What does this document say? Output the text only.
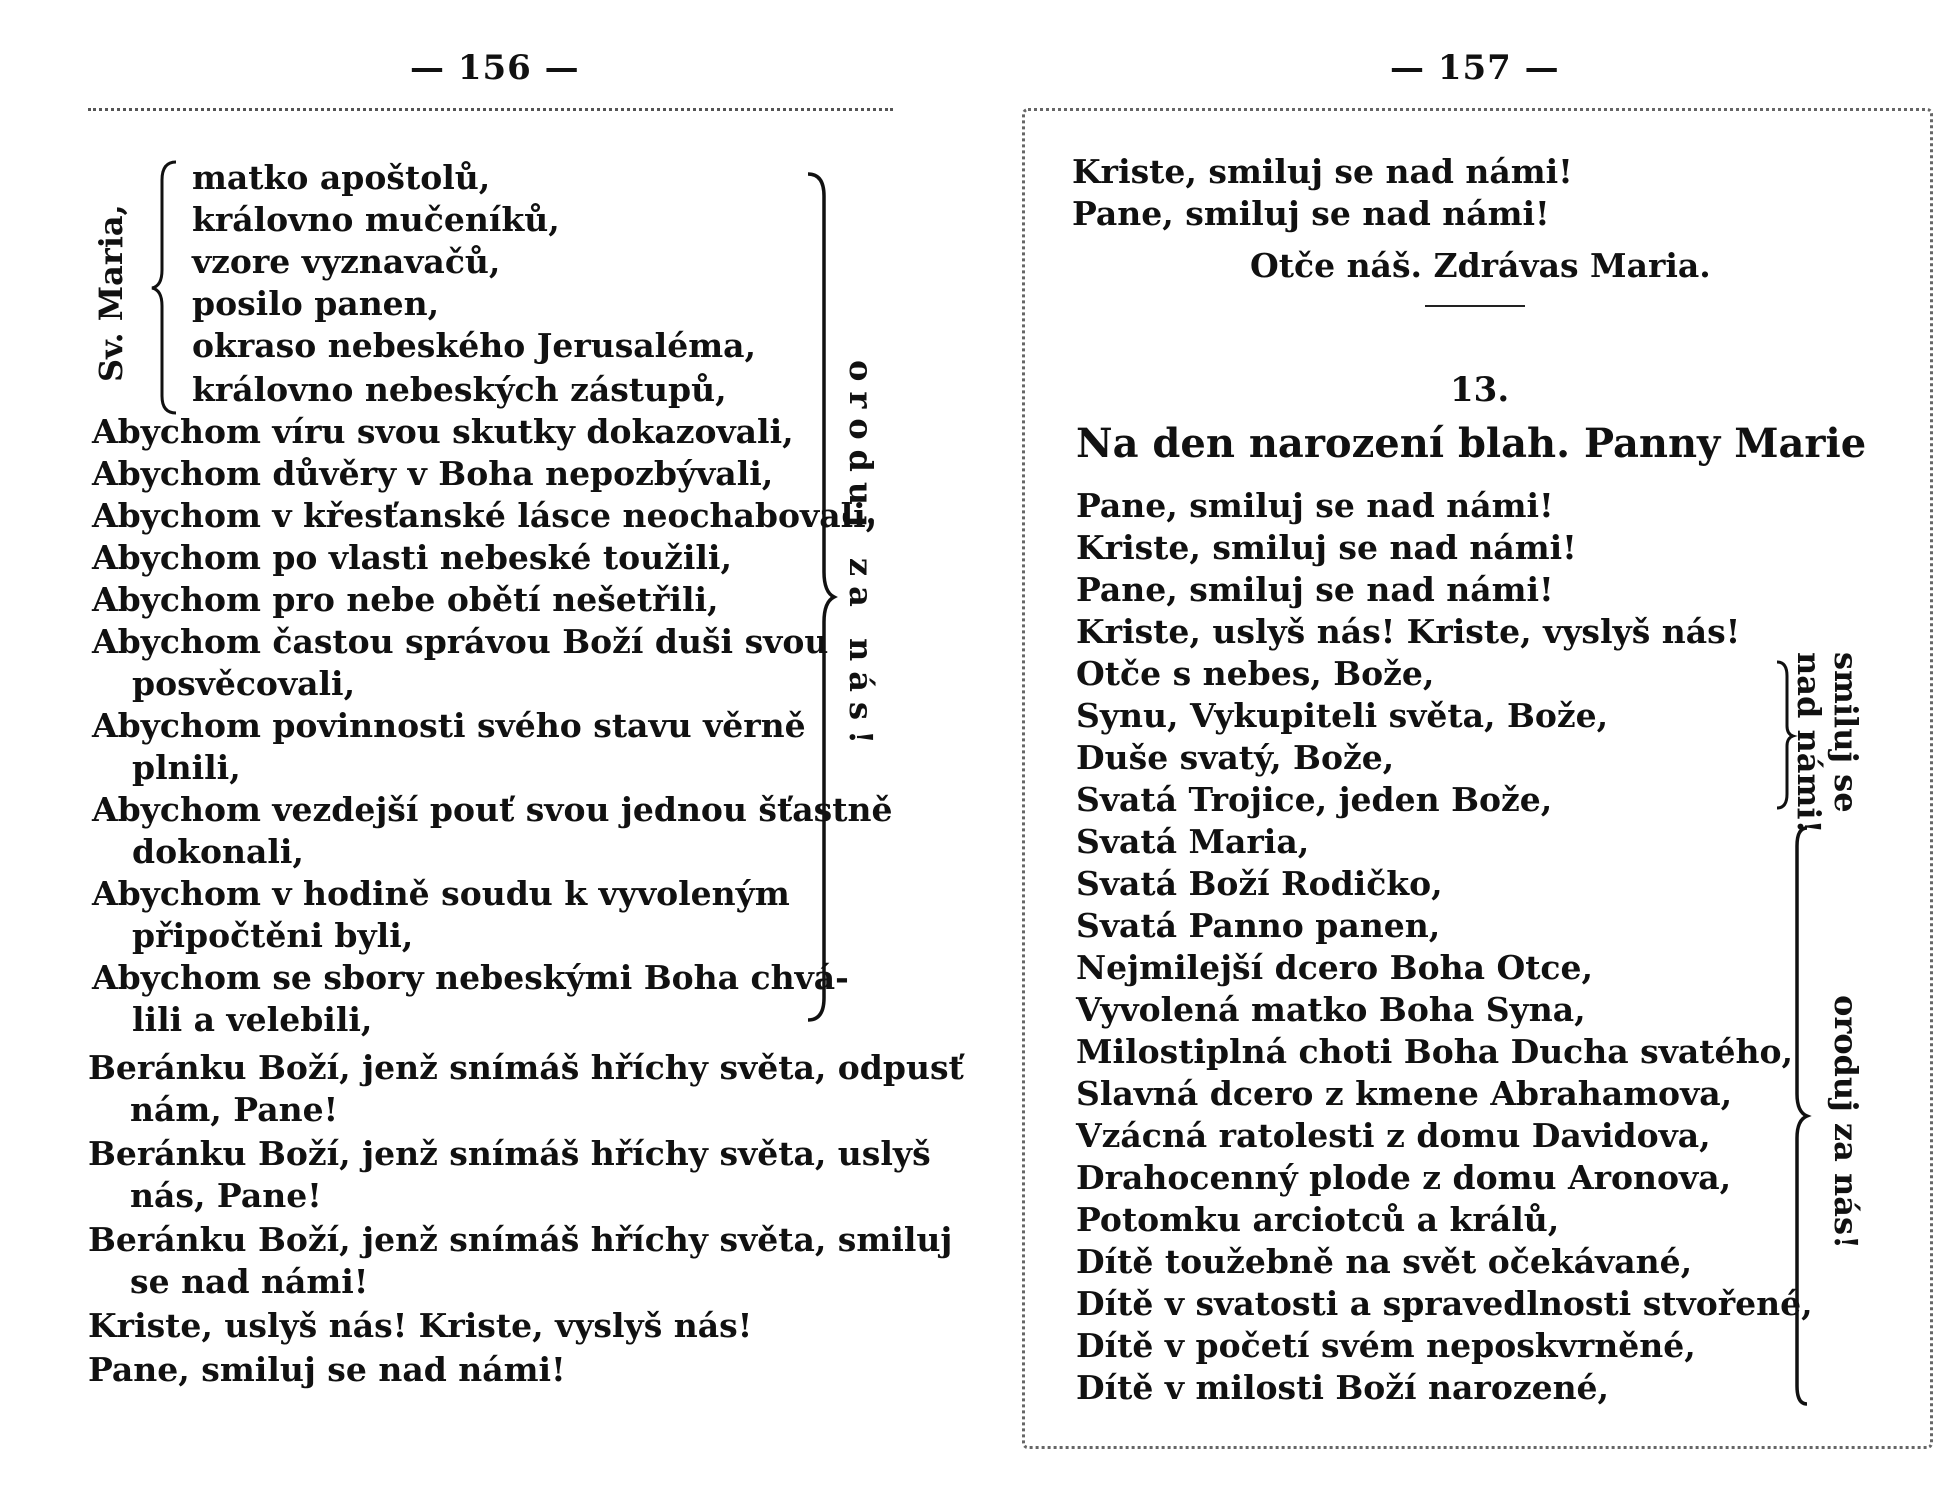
— 156 —
Sv. Maria,
matko apoštolů,
královno mučeníků,
vzore vyznavačů,
posilo panen,
okraso nebeského Jerusaléma,
královno nebeských zástupů,
Abychom víru svou skutky dokazovali,
Abychom důvěry v Boha nepozbývali,
Abychom v křesťanské lásce neochabovali,
Abychom po vlasti nebeské toužili,
Abychom pro nebe obětí nešetřili,
Abychom častou správou Boží duši svou
posvěcovali,
Abychom povinnosti svého stavu věrně
plnili,
Abychom vezdejší pouť svou jednou šťastně
dokonali,
Abychom v hodině soudu k vyvoleným
připočtěni byli,
Abychom se sbory nebeskými Boha chvá-
lili a velebili,
oroduj za nás!
Beránku Boží, jenž snímáš hříchy světa, odpusť
nám, Pane!
Beránku Boží, jenž snímáš hříchy světa, uslyš
nás, Pane!
Beránku Boží, jenž snímáš hříchy světa, smiluj
se nad námi!
Kriste, uslyš nás! Kriste, vyslyš nás!
Pane, smiluj se nad námi!
— 157 —
Kriste, smiluj se nad námi!
Pane, smiluj se nad námi!
Otče náš. Zdrávas Maria.
13.
Na den narození blah. Panny Marie
Pane, smiluj se nad námi!
Kriste, smiluj se nad námi!
Pane, smiluj se nad námi!
Kriste, uslyš nás! Kriste, vyslyš nás!
Otče s nebes, Bože,
Synu, Vykupiteli světa, Bože,
Duše svatý, Bože,
Svatá Trojice, jeden Bože,	smiluj se
nad námi!
Svatá Maria,
Svatá Boží Rodičko,
Svatá Panno panen,
Nejmilejší dcero Boha Otce,
Vyvolená matko Boha Syna,
Milostiplná choti Boha Ducha svatého,
Slavná dcero z kmene Abrahamova,
Vzácná ratolesti z domu Davidova,
Drahocenný plode z domu Aronova,
Potomku arciotců a králů,
Dítě toužebně na svět očekávané,
Dítě v svatosti a spravedlnosti stvořené,
Dítě v početí svém neposkvrněné,
Dítě v milosti Boží narozené,
oroduj za nás!
